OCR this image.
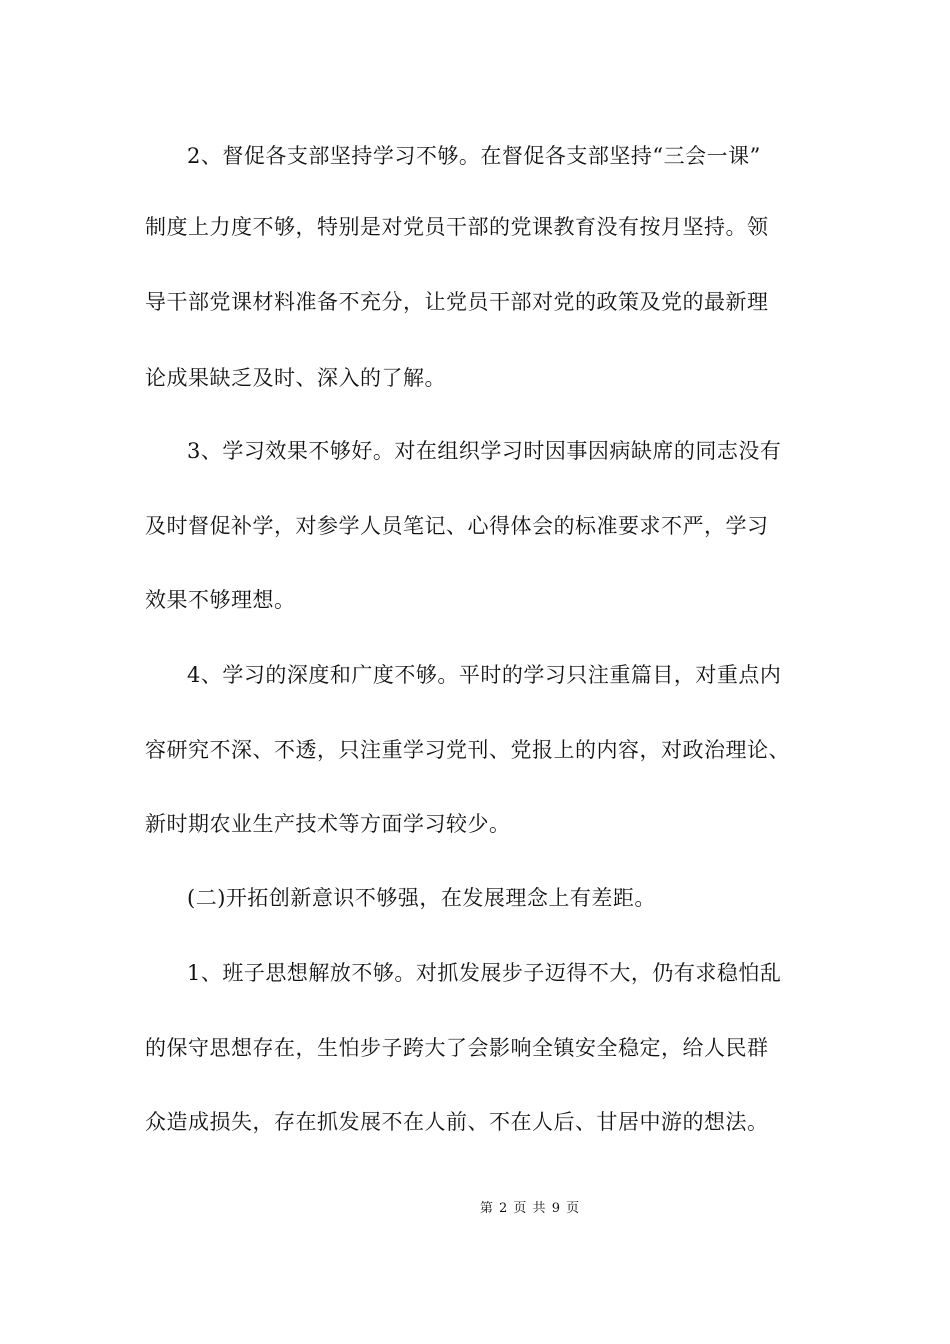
2、督促各支部坚持学习不够。在督促各支部坚持“三会一课”
制度上力度不够，特别是对党员干部的党课教育没有按月坚持。领
导干部党课材料准备不充分，让党员干部对党的政策及党的最新理
论成果缺乏及时、深入的了解。
3、学习效果不够好。对在组织学习时因事因病缺席的同志没有
及时督促补学，对参学人员笔记、心得体会的标准要求不严，学习
效果不够理想。
4、学习的深度和广度不够。平时的学习只注重篇目，对重点内
容研究不深、不透，只注重学习党刊、党报上的内容，对政治理论、
新时期农业生产技术等方面学习较少。
(二)开拓创新意识不够强，在发展理念上有差距。
1、班子思想解放不够。对抓发展步子迈得不大，仍有求稳怕乱
的保守思想存在，生怕步子跨大了会影响全镇安全稳定，给人民群
众造成损失，存在抓发展不在人前、不在人后、甘居中游的想法。
第 2 页 共 9 页
